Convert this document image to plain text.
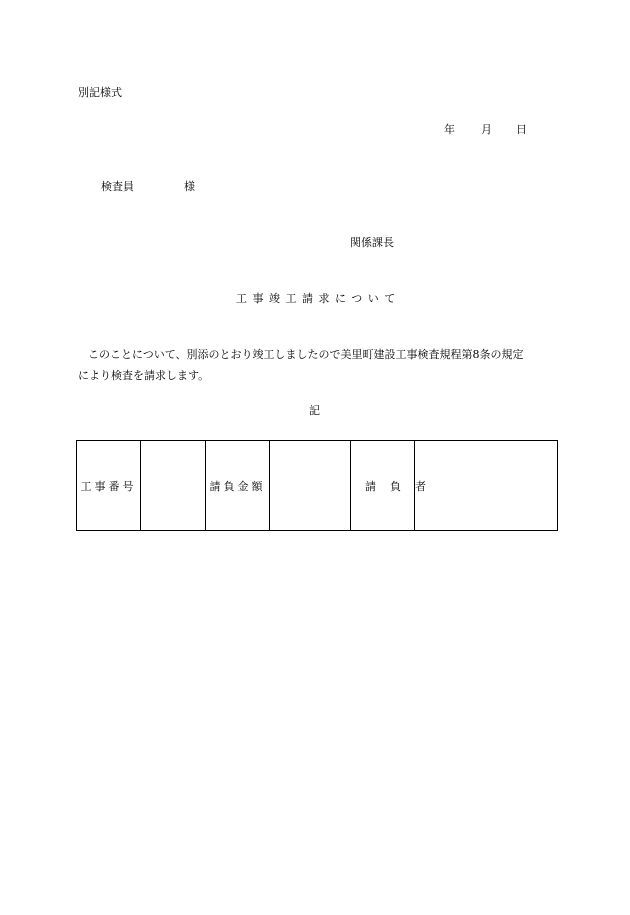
別記様式
年 月 日
検査員	様
関係課長
工事竣工請求について
このことについて、別添のとおり竣工しましたので美里町建設工事検査規程第8条の規定
により検査を請求します。
記
工事番号		請負金額		請負者	
